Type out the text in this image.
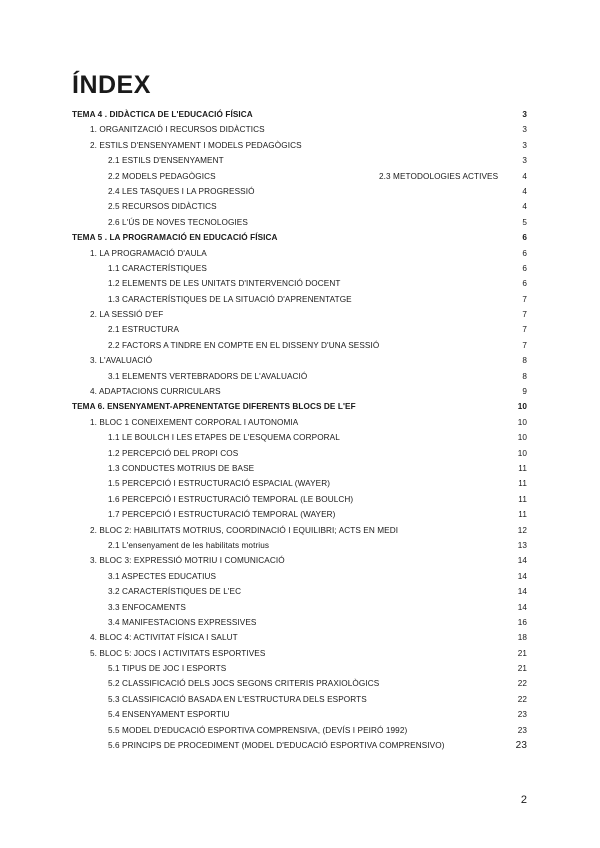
ÍNDEX
TEMA 4 . DIDÀCTICA DE L'EDUCACIÓ FÍSICA	3
1. ORGANITZACIÓ I RECURSOS DIDÀCTICS	3
2. ESTILS D'ENSENYAMENT I MODELS PEDAGÒGICS	3
2.1 ESTILS D'ENSENYAMENT	3
2.2 MODELS PEDAGÒGICS	2.3 METODOLOGIES ACTIVES	4
2.4 LES TASQUES I LA PROGRESSIÓ	4
2.5 RECURSOS DIDÀCTICS	4
2.6 L'ÚS DE NOVES TECNOLOGIES	5
TEMA 5 . LA PROGRAMACIÓ EN EDUCACIÓ FÍSICA	6
1. LA PROGRAMACIÓ D'AULA	6
1.1 CARACTERÍSTIQUES	6
1.2 ELEMENTS DE LES UNITATS D'INTERVENCIÓ DOCENT	6
1.3 CARACTERÍSTIQUES DE LA SITUACIÓ D'APRENENTATGE	7
2. LA SESSIÓ D'EF	7
2.1 ESTRUCTURA	7
2.2 FACTORS A TINDRE EN COMPTE EN EL DISSENY D'UNA SESSIÓ	7
3. L'AVALUACIÓ	8
3.1 ELEMENTS VERTEBRADORS DE L'AVALUACIÓ	8
4. ADAPTACIONS CURRICULARS	9
TEMA 6. ENSENYAMENT-APRENENTATGE DIFERENTS BLOCS DE L'EF	10
1. BLOC 1 CONEIXEMENT CORPORAL I AUTONOMIA	10
1.1 LE BOULCH I LES ETAPES DE L'ESQUEMA CORPORAL	10
1.2 PERCEPCIÓ DEL PROPI COS	10
1.3 CONDUCTES MOTRIUS DE BASE	11
1.5 PERCEPCIÓ I ESTRUCTURACIÓ ESPACIAL (WAYER)	11
1.6 PERCEPCIÓ I ESTRUCTURACIÓ TEMPORAL (LE BOULCH)	11
1.7 PERCEPCIÓ I ESTRUCTURACIÓ TEMPORAL (WAYER)	11
2. BLOC 2: HABILITATS MOTRIUS, COORDINACIÓ I EQUILIBRI; ACTS EN MEDI	12
2.1 L'ensenyament de les habilitats motrius	13
3. BLOC 3: EXPRESSIÓ MOTRIU I COMUNICACIÓ	14
3.1 ASPECTES EDUCATIUS	14
3.2 CARACTERÍSTIQUES DE L'EC	14
3.3 ENFOCAMENTS	14
3.4 MANIFESTACIONS EXPRESSIVES	16
4. BLOC 4: ACTIVITAT FÍSICA I SALUT	18
5. BLOC 5: JOCS I ACTIVITATS ESPORTIVES	21
5.1 TIPUS DE JOC I ESPORTS	21
5.2 CLASSIFICACIÓ DELS JOCS SEGONS CRITERIS PRAXIOLÒGICS	22
5.3 CLASSIFICACIÓ BASADA EN L'ESTRUCTURA DELS ESPORTS	22
5.4 ENSENYAMENT ESPORTIU	23
5.5 MODEL D'EDUCACIÓ ESPORTIVA COMPRENSIVA, (DEVÍS I PEIRÓ 1992)	23
5.6 PRINCIPS DE PROCEDIMENT (MODEL D'EDUCACIÓ ESPORTIVA COMPRENSIVO)	23
2
